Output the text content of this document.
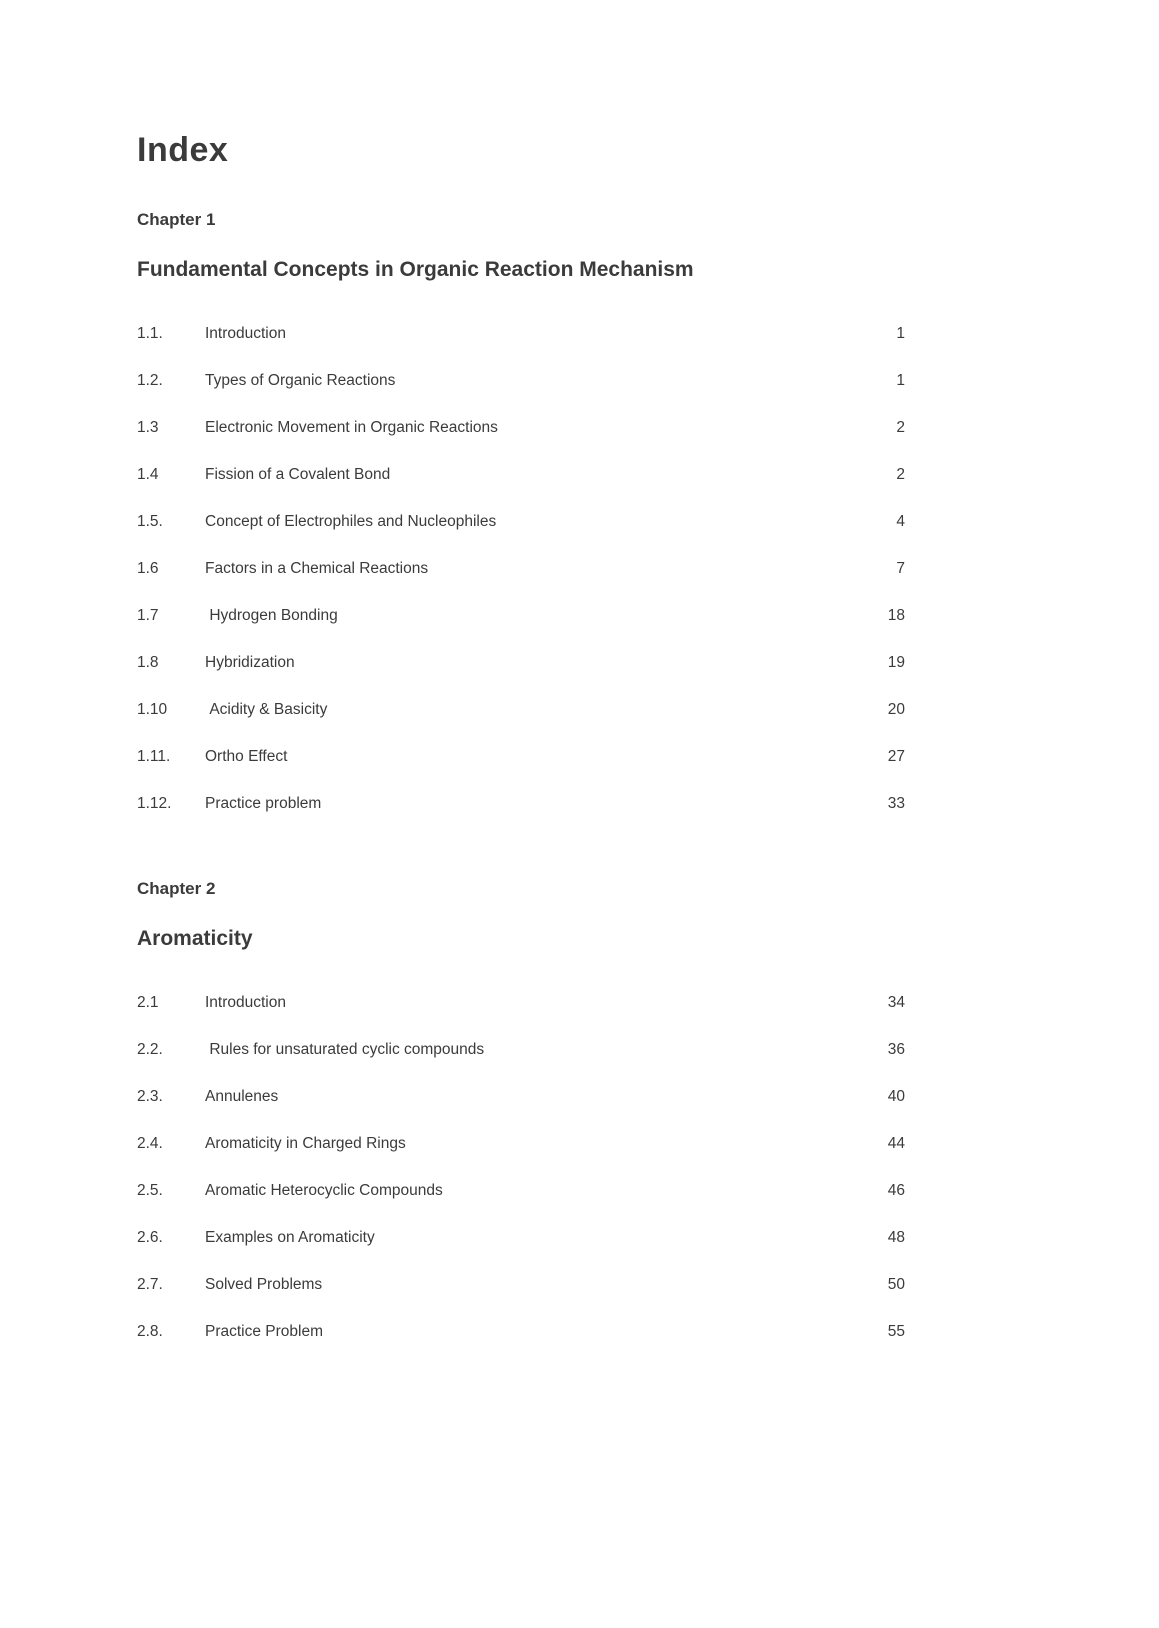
Index
Chapter 1
Fundamental Concepts in Organic Reaction Mechanism
1.1.	Introduction	1
1.2.	Types of Organic Reactions	1
1.3	Electronic Movement in Organic Reactions	2
1.4	Fission of a Covalent Bond	2
1.5.	Concept of Electrophiles and Nucleophiles	4
1.6	Factors in a Chemical Reactions	7
1.7	Hydrogen Bonding	18
1.8	Hybridization	19
1.10	Acidity & Basicity	20
1.11.	Ortho Effect	27
1.12.	Practice problem	33
Chapter 2
Aromaticity
2.1	Introduction	34
2.2.	Rules for unsaturated cyclic compounds	36
2.3.	Annulenes	40
2.4.	Aromaticity in Charged Rings	44
2.5.	Aromatic Heterocyclic Compounds	46
2.6.	Examples on Aromaticity	48
2.7.	Solved Problems	50
2.8.	Practice Problem	55
